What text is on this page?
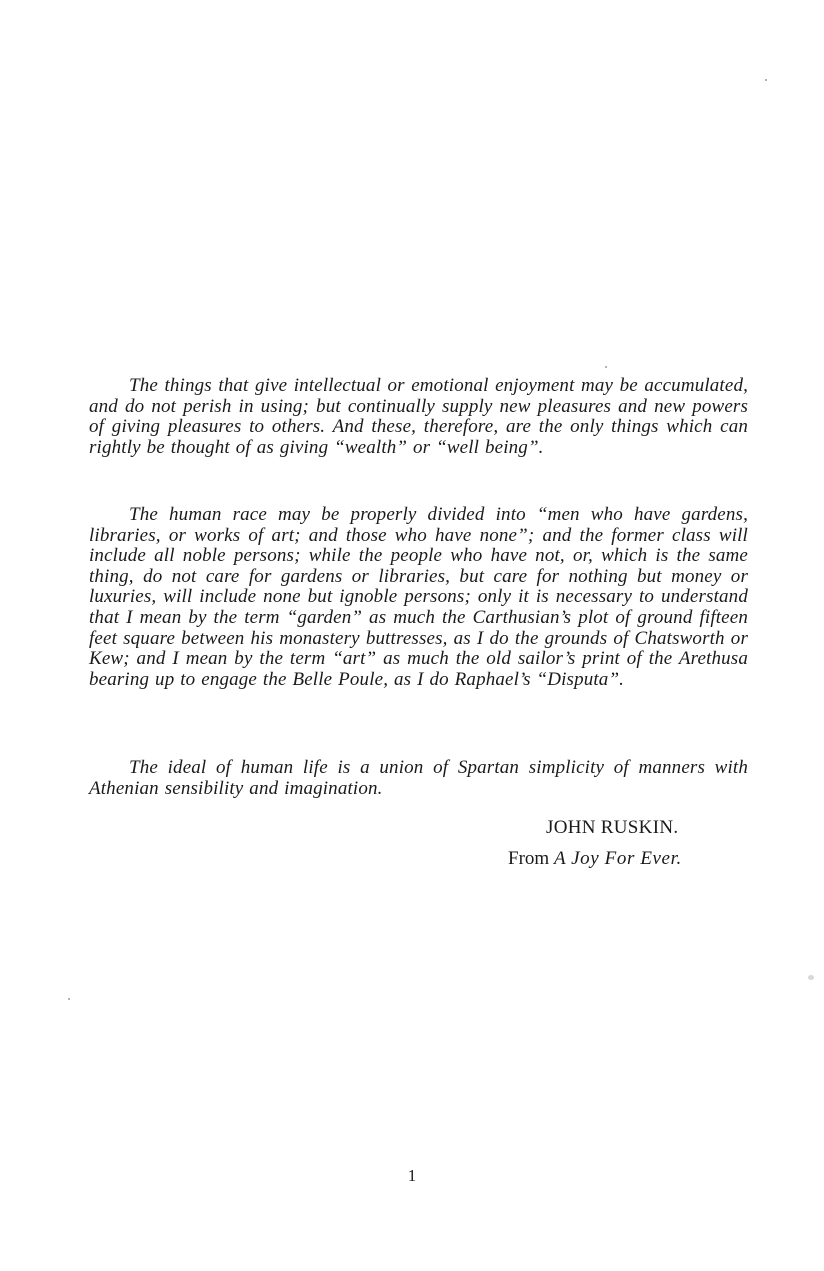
The things that give intellectual or emotional enjoyment may be accumulated, and do not perish in using; but continually supply new pleasures and new powers of giving pleasures to others. And these, therefore, are the only things which can rightly be thought of as giving “wealth” or “well being”.

The human race may be properly divided into “men who have gardens, libraries, or works of art; and those who have none”; and the former class will include all noble persons; while the people who have not, or, which is the same thing, do not care for gardens or libraries, but care for nothing but money or luxuries, will include none but ignoble persons; only it is necessary to understand that I mean by the term “garden” as much the Carthusian’s plot of ground fifteen feet square between his monastery buttresses, as I do the grounds of Chatsworth or Kew; and I mean by the term “art” as much the old sailor’s print of the Arethusa bearing up to engage the Belle Poule, as I do Raphael’s “Disputa”.

The ideal of human life is a union of Spartan simplicity of manners with Athenian sensibility and imagination.

JOHN RUSKIN.
From A Joy For Ever.
1
